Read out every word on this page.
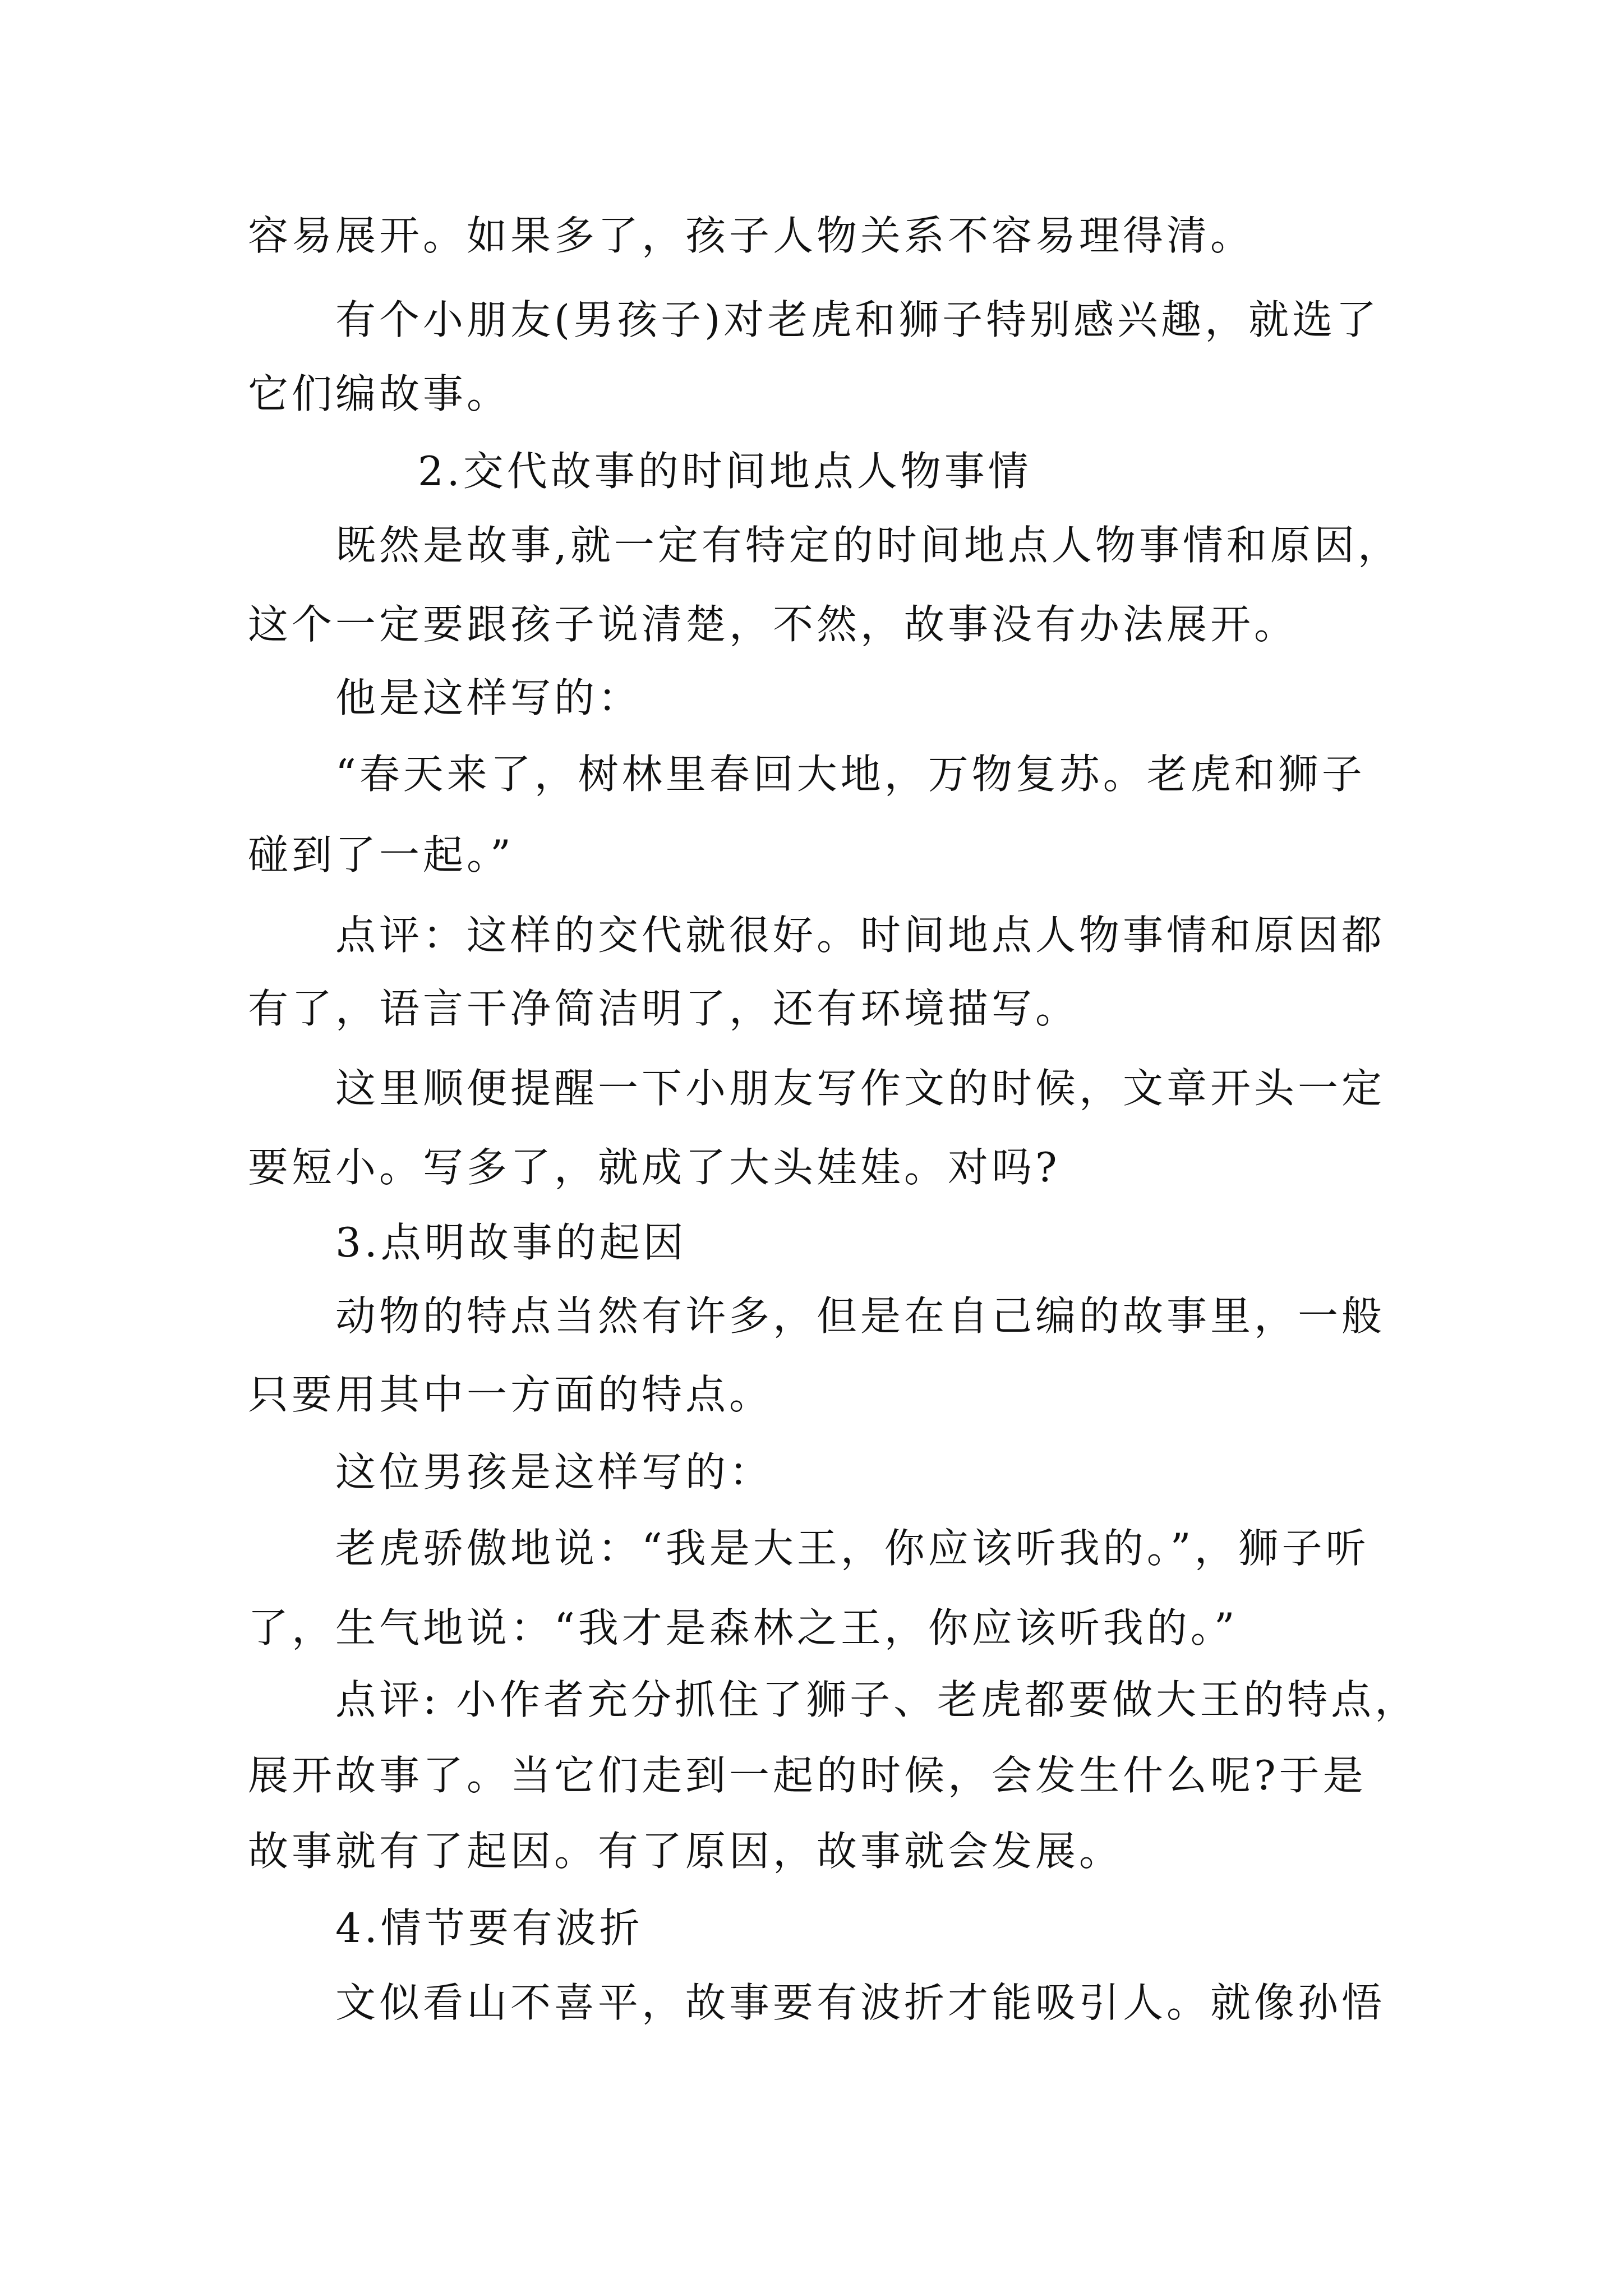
容易展开。如果多了，孩子人物关系不容易理得清。
有个小朋友(男孩子)对老虎和狮子特别感兴趣，就选了
它们编故事。
2.交代故事的时间地点人物事情
既然是故事,就一定有特定的时间地点人物事情和原因，
这个一定要跟孩子说清楚，不然，故事没有办法展开。
他是这样写的：
“春天来了，树林里春回大地，万物复苏。老虎和狮子
碰到了一起。”
点评：这样的交代就很好。时间地点人物事情和原因都
有了，语言干净简洁明了，还有环境描写。
这里顺便提醒一下小朋友写作文的时候，文章开头一定
要短小。写多了，就成了大头娃娃。对吗?
3.点明故事的起因
动物的特点当然有许多，但是在自己编的故事里，一般
只要用其中一方面的特点。
这位男孩是这样写的：
老虎骄傲地说：“我是大王，你应该听我的。”，狮子听
了，生气地说：“我才是森林之王，你应该听我的。”
点评: 小作者充分抓住了狮子、老虎都要做大王的特点，
展开故事了。当它们走到一起的时候，会发生什么呢?于是
故事就有了起因。有了原因，故事就会发展。
4.情节要有波折
文似看山不喜平，故事要有波折才能吸引人。就像孙悟
